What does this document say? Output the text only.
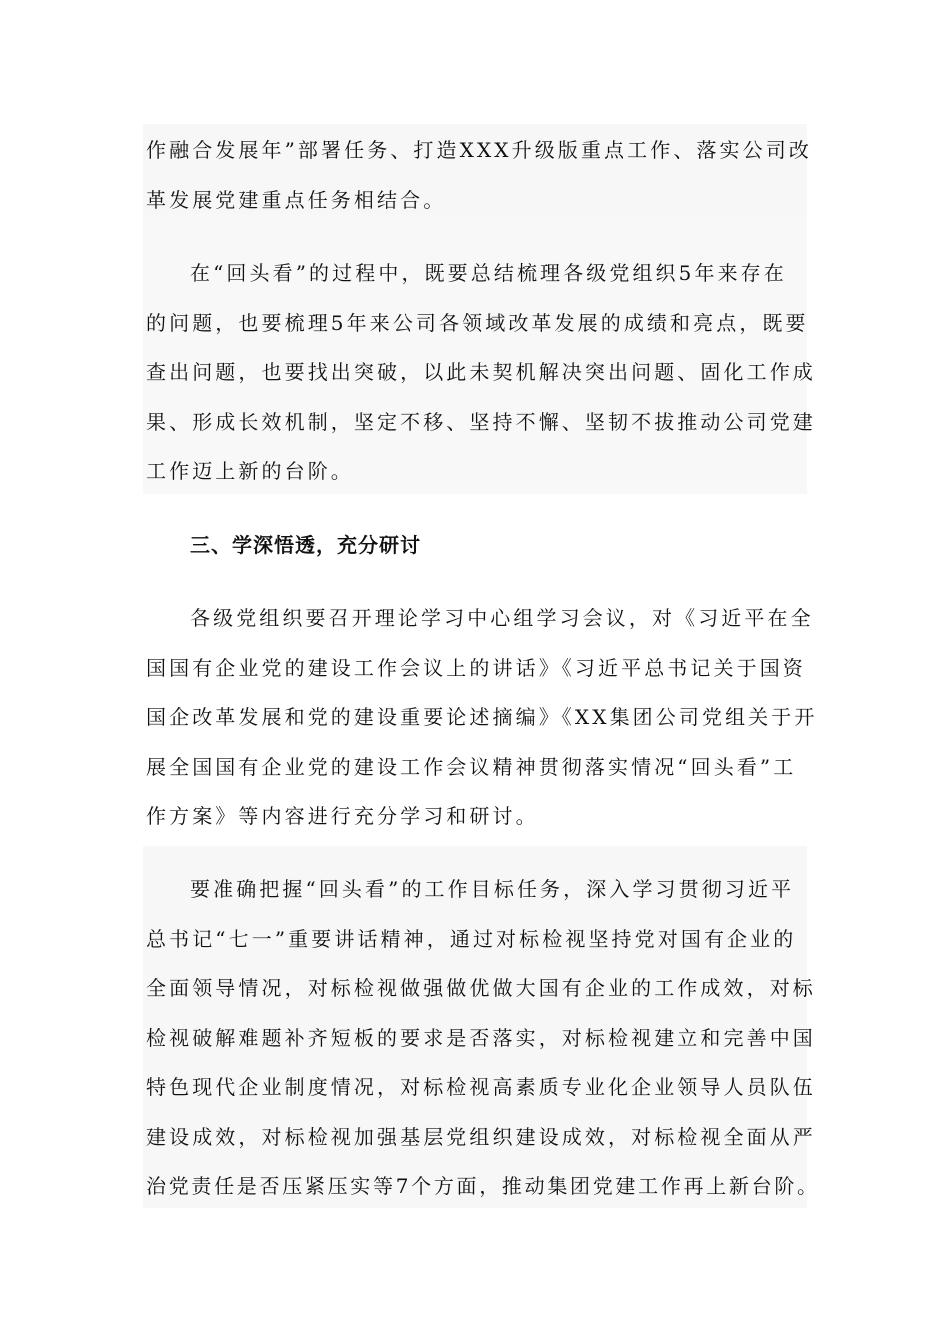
作融合发展年”部署任务、打造XXX升级版重点工作、落实公司改
革发展党建重点任务相结合。
在“回头看”的过程中，既要总结梳理各级党组织5年来存在
的问题，也要梳理5年来公司各领域改革发展的成绩和亮点，既要
查出问题，也要找出突破，以此未契机解决突出问题、固化工作成
果、形成长效机制，坚定不移、坚持不懈、坚韧不拔推动公司党建
工作迈上新的台阶。
三、学深悟透，充分研讨
各级党组织要召开理论学习中心组学习会议，对《习近平在全
国国有企业党的建设工作会议上的讲话》《习近平总书记关于国资
国企改革发展和党的建设重要论述摘编》《XX集团公司党组关于开
展全国国有企业党的建设工作会议精神贯彻落实情况“回头看”工
作方案》等内容进行充分学习和研讨。
要准确把握“回头看”的工作目标任务，深入学习贯彻习近平
总书记“七一”重要讲话精神，通过对标检视坚持党对国有企业的
全面领导情况，对标检视做强做优做大国有企业的工作成效，对标
检视破解难题补齐短板的要求是否落实，对标检视建立和完善中国
特色现代企业制度情况，对标检视高素质专业化企业领导人员队伍
建设成效，对标检视加强基层党组织建设成效，对标检视全面从严
治党责任是否压紧压实等7个方面，推动集团党建工作再上新台阶。
